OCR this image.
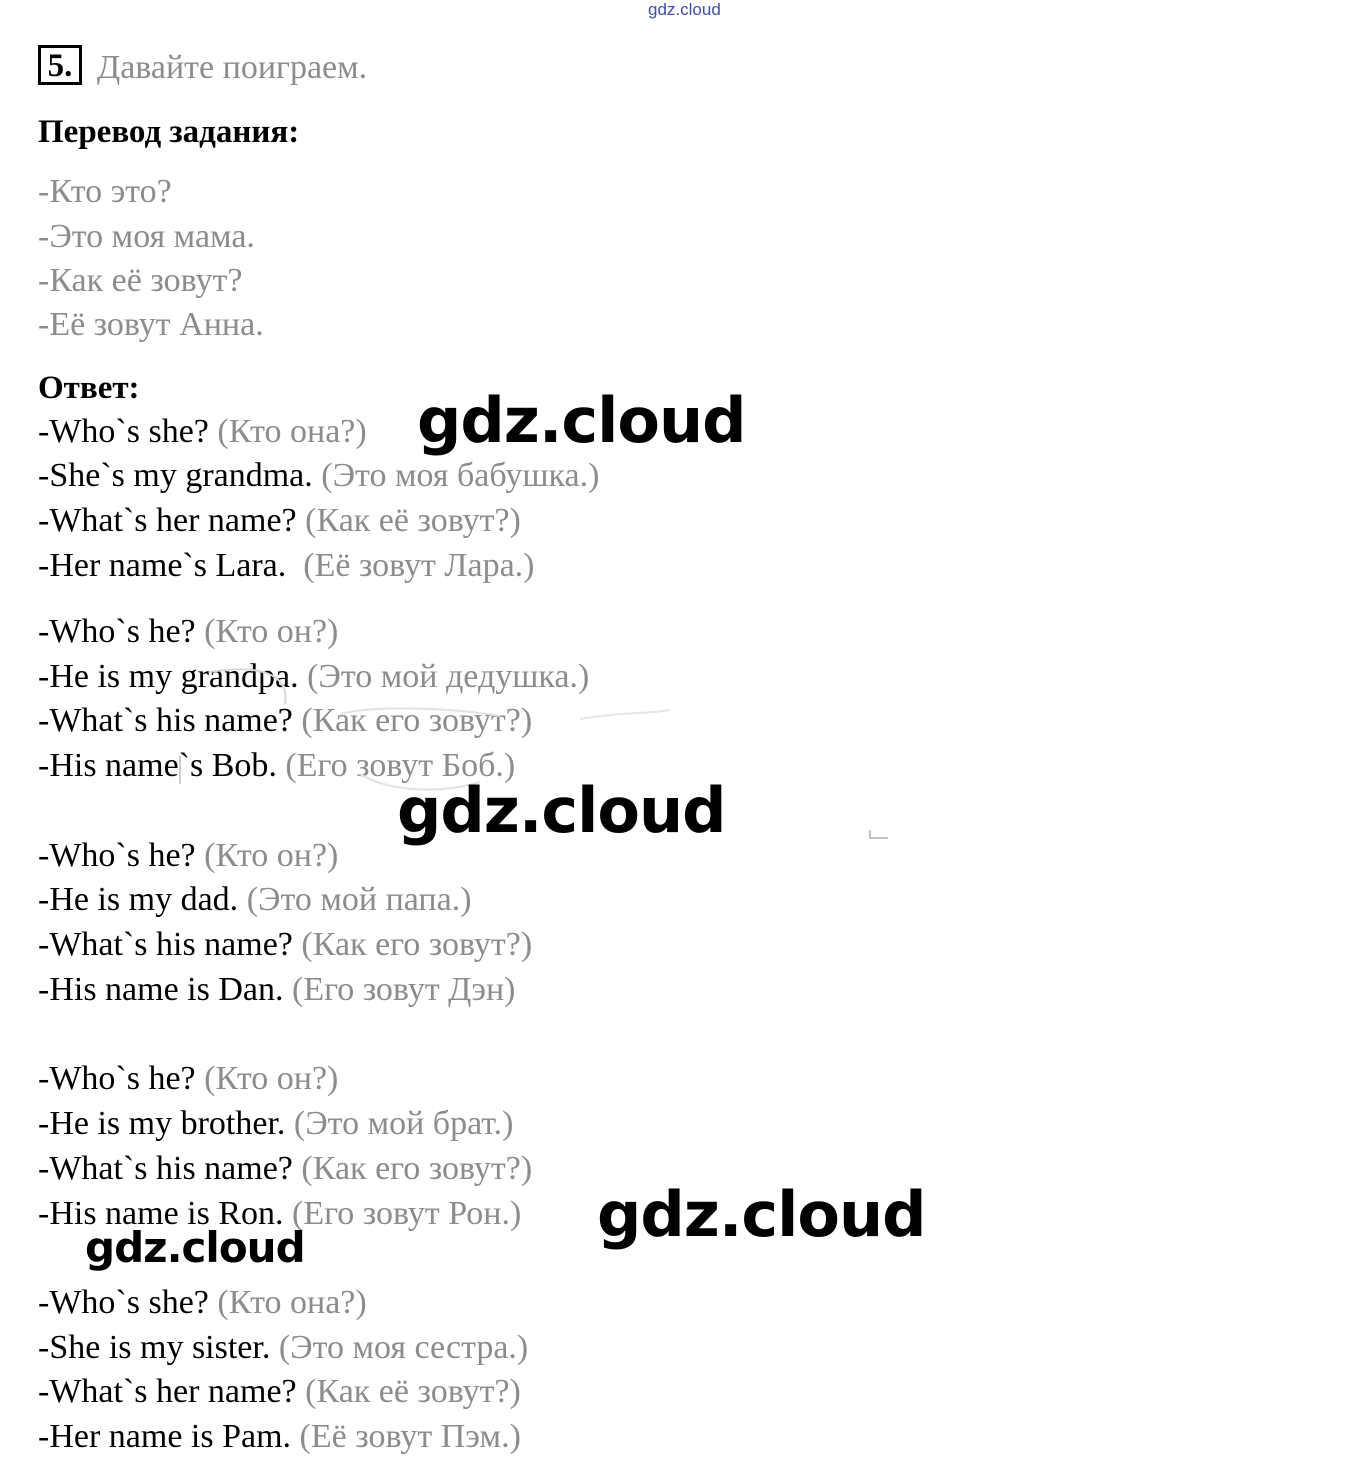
gdz.cloud
5. Давайте поиграем.
Перевод задания:
-Кто это?
-Это моя мама.
-Как её зовут?
-Её зовут Анна.
Ответ:
-Who`s she? (Кто она?)
-She`s my grandma. (Это моя бабушка.)
-What`s her name? (Как её зовут?)
-Her name`s Lara.  (Её зовут Лара.)
-Who`s he? (Кто он?)
-He is my grandpa. (Это мой дедушка.)
-What`s his name? (Как его зовут?)
-His name`s Bob. (Его зовут Боб.)
-Who`s he? (Кто он?)
-He is my dad. (Это мой папа.)
-What`s his name? (Как его зовут?)
-His name is Dan. (Его зовут Дэн)
-Who`s he? (Кто он?)
-He is my brother. (Это мой брат.)
-What`s his name? (Как его зовут?)
-His name is Ron. (Его зовут Рон.)
-Who`s she? (Кто она?)
-She is my sister. (Это моя сестра.)
-What`s her name? (Как её зовут?)
-Her name is Pam. (Её зовут Пэм.)
gdz.cloud
gdz.cloud
gdz.cloud
gdz.cloud
